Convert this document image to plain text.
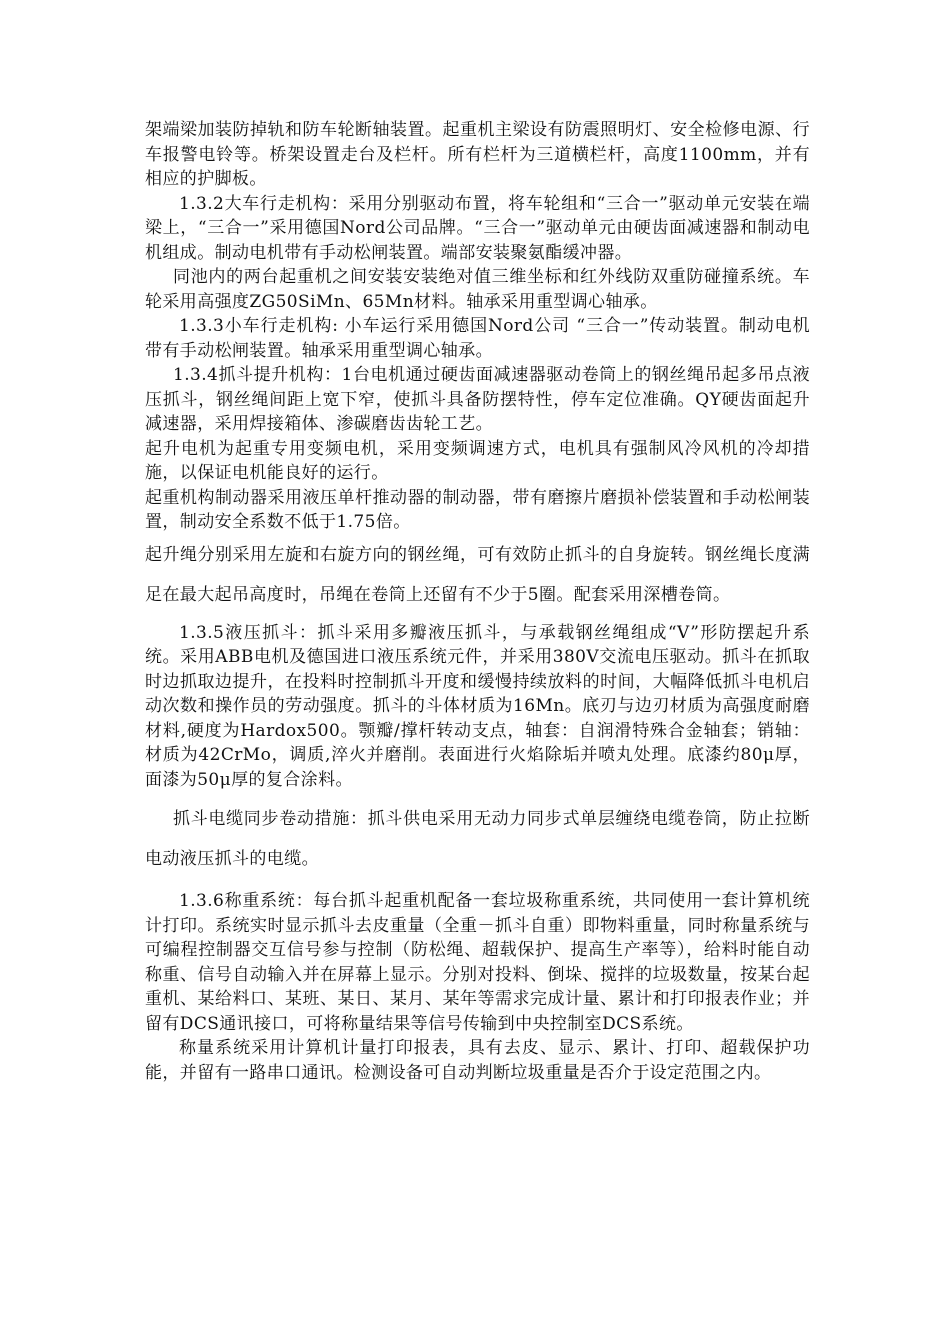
架端梁加装防掉轨和防车轮断轴装置。起重机主梁设有防震照明灯、安全检修电源、行车报警电铃等。桥架设置走台及栏杆。所有栏杆为三道横栏杆，高度1100mm，并有相应的护脚板。

1.3.2大车行走机构：采用分别驱动布置，将车轮组和“三合一”驱动单元安装在端梁上，“三合一”采用德国Nord公司品牌。“三合一”驱动单元由硬齿面减速器和制动电机组成。制动电机带有手动松闸装置。端部安装聚氨酯缓冲器。

同池内的两台起重机之间安装安装绝对值三维坐标和红外线防双重防碰撞系统。车轮采用高强度ZG50SiMn、65Mn材料。轴承采用重型调心轴承。

1.3.3小车行走机构: 小车运行采用德国Nord公司 “三合一”传动装置。制动电机带有手动松闸装置。轴承采用重型调心轴承。

1.3.4抓斗提升机构：1台电机通过硬齿面减速器驱动卷筒上的钢丝绳吊起多吊点液压抓斗，钢丝绳间距上宽下窄，使抓斗具备防摆特性，停车定位准确。QY硬齿面起升减速器，采用焊接箱体、渗碳磨齿齿轮工艺。

起升电机为起重专用变频电机，采用变频调速方式，电机具有强制风冷风机的冷却措施，以保证电机能良好的运行。

起重机构制动器采用液压单杆推动器的制动器，带有磨擦片磨损补偿装置和手动松闸装置，制动安全系数不低于1.75倍。

起升绳分别采用左旋和右旋方向的钢丝绳，可有效防止抓斗的自身旋转。钢丝绳长度满足在最大起吊高度时，吊绳在卷筒上还留有不少于5圈。配套采用深槽卷筒。

1.3.5液压抓斗：抓斗采用多瓣液压抓斗，与承载钢丝绳组成“V”形防摆起升系统。采用ABB电机及德国进口液压系统元件，并采用380V交流电压驱动。抓斗在抓取时边抓取边提升，在投料时控制抓斗开度和缓慢持续放料的时间，大幅降低抓斗电机启动次数和操作员的劳动强度。抓斗的斗体材质为16Mn。底刃与边刃材质为高强度耐磨材料,硬度为Hardox500。颚瓣/撑杆转动支点，轴套：自润滑特殊合金轴套；销轴：材质为42CrMo，调质,淬火并磨削。表面进行火焰除垢并喷丸处理。底漆约80μ厚，面漆为50μ厚的复合涂料。

抓斗电缆同步卷动措施：抓斗供电采用无动力同步式单层缠绕电缆卷筒，防止拉断电动液压抓斗的电缆。

1.3.6称重系统：每台抓斗起重机配备一套垃圾称重系统，共同使用一套计算机统计打印。系统实时显示抓斗去皮重量（全重－抓斗自重）即物料重量，同时称量系统与可编程控制器交互信号参与控制（防松绳、超载保护、提高生产率等），给料时能自动称重、信号自动输入并在屏幕上显示。分别对投料、倒垛、搅拌的垃圾数量，按某台起重机、某给料口、某班、某日、某月、某年等需求完成计量、累计和打印报表作业；并留有DCS通讯接口，可将称量结果等信号传输到中央控制室DCS系统。

称量系统采用计算机计量打印报表，具有去皮、显示、累计、打印、超载保护功能，并留有一路串口通讯。检测设备可自动判断垃圾重量是否介于设定范围之内。
